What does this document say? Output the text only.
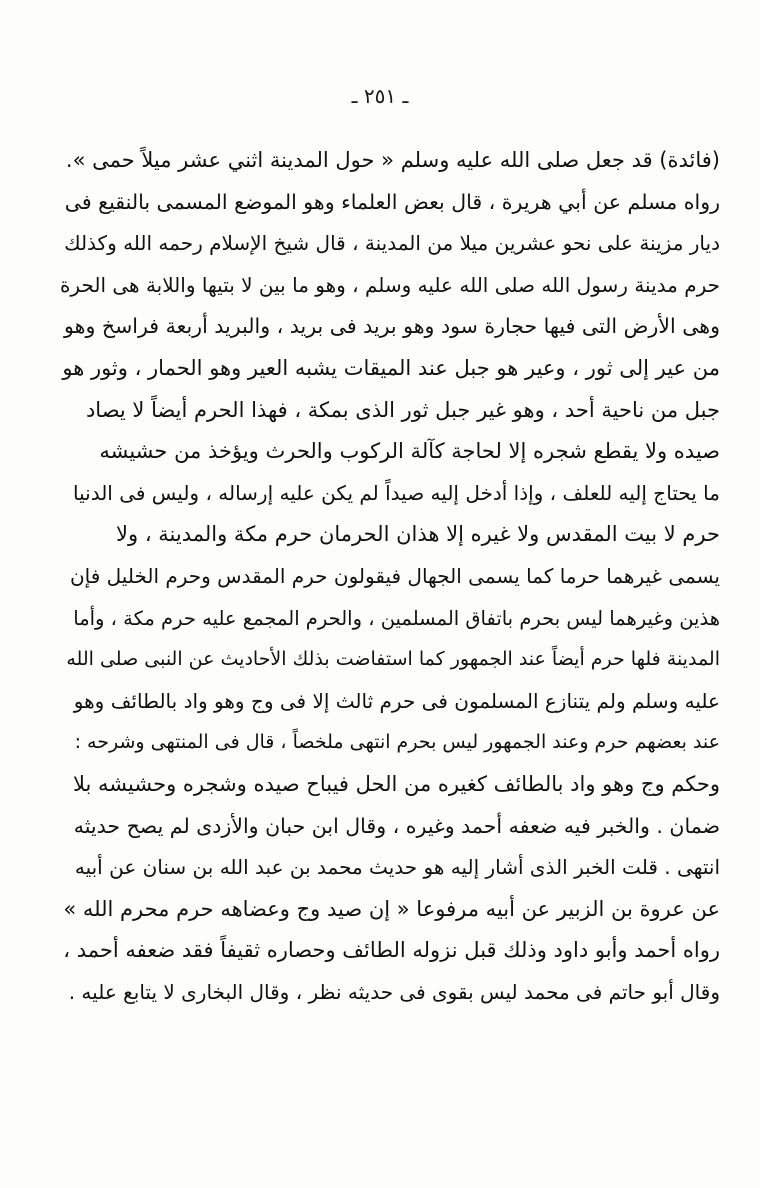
ـ ٢٥١ ـ
(فائدة) قد جعل صلى الله عليه وسلم « حول المدينة اثني عشر ميلاً حمى ».
رواه مسلم عن أبي هريرة ، قال بعض العلماء وهو الموضع المسمى بالنقيع فى
ديار مزينة على نحو عشرين ميلا من المدينة ، قال شيخ الإسلام رحمه الله وكذلك
حرم مدينة رسول الله صلى الله عليه وسلم ، وهو ما بين لا بتيها واللابة هى الحرة
وهى الأرض التى فيها حجارة سود وهو بريد فى بريد ، والبريد أربعة فراسخ وهو
من عير إلى ثور ، وعير هو جبل عند الميقات يشبه العير وهو الحمار ، وثور هو
جبل من ناحية أحد ، وهو غير جبل ثور الذى بمكة ، فهذا الحرم أيضاً لا يصاد
صيده ولا يقطع شجره إلا لحاجة كآلة الركوب والحرث ويؤخذ من حشيشه
ما يحتاج إليه للعلف ، وإذا أدخل إليه صيداً لم يكن عليه إرساله ، وليس فى الدنيا
حرم لا بيت المقدس ولا غيره إلا هذان الحرمان حرم مكة والمدينة ، ولا
يسمى غيرهما حرما كما يسمى الجهال فيقولون حرم المقدس وحرم الخليل فإن
هذين وغيرهما ليس بحرم باتفاق المسلمين ، والحرم المجمع عليه حرم مكة ، وأما
المدينة فلها حرم أيضاً عند الجمهور كما استفاضت بذلك الأحاديث عن النبى صلى الله
عليه وسلم ولم يتنازع المسلمون فى حرم ثالث إلا فى وج وهو واد بالطائف وهو
عند بعضهم حرم وعند الجمهور ليس بحرم انتهى ملخصاً ، قال فى المنتهى وشرحه :
وحكم وج وهو واد بالطائف كغيره من الحل فيباح صيده وشجره وحشيشه بلا
ضمان . والخبر فيه ضعفه أحمد وغيره ، وقال ابن حبان والأزدى لم يصح حديثه
انتهى . قلت الخبر الذى أشار إليه هو حديث محمد بن عبد الله بن سنان عن أبيه
عن عروة بن الزبير عن أبيه مرفوعا « إن صيد وج وعضاهه حرم محرم الله »
رواه أحمد وأبو داود وذلك قبل نزوله الطائف وحصاره ثقيفاً فقد ضعفه أحمد ،
وقال أبو حاتم فى محمد ليس بقوى فى حديثه نظر ، وقال البخارى لا يتابع عليه .
